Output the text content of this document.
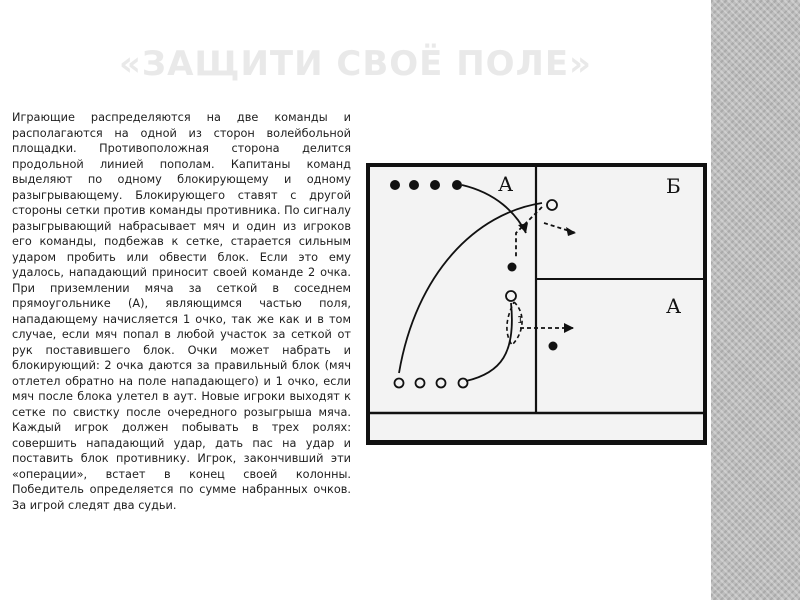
«ЗАЩИТИ СВОЁ ПОЛЕ»

Играющие распределяются на две команды и располагаются на одной из сторон волейбольной площадки. Противоположная сторона делится продольной линией пополам. Капитаны команд выделяют по одному блокирующему и одному разыгрывающему. Блокирующего ставят с другой стороны сетки против команды противника. По сигналу разыгрывающий набрасывает мяч и один из игроков его команды, подбежав к сетке, старается сильным ударом пробить или обвести блок. Если это ему удалось, нападающий приносит своей команде 2 очка. При приземлении мяча за сеткой в соседнем прямоугольнике (А), являющимся частью поля, нападающему начисляется 1 очко, так же как и в том случае, если мяч попал в любой участок за сеткой от рук поставившего блок. Очки может набрать и блокирующий: 2 очка даются за правильный блок (мяч отлетел обратно на поле нападающего) и 1 очко, если мяч после блока улетел в аут. Новые игроки выходят к сетке по свистку после очередного розыгрыша мяча. Каждый игрок должен побывать в трех ролях: совершить нападающий удар, дать пас на удар и поставить блок противнику. Игрок, закончивший эти «операции», встает в конец своей колонны. Победитель определяется по сумме набранных очков. За игрой следят два судьи.

А	Б
А
1
